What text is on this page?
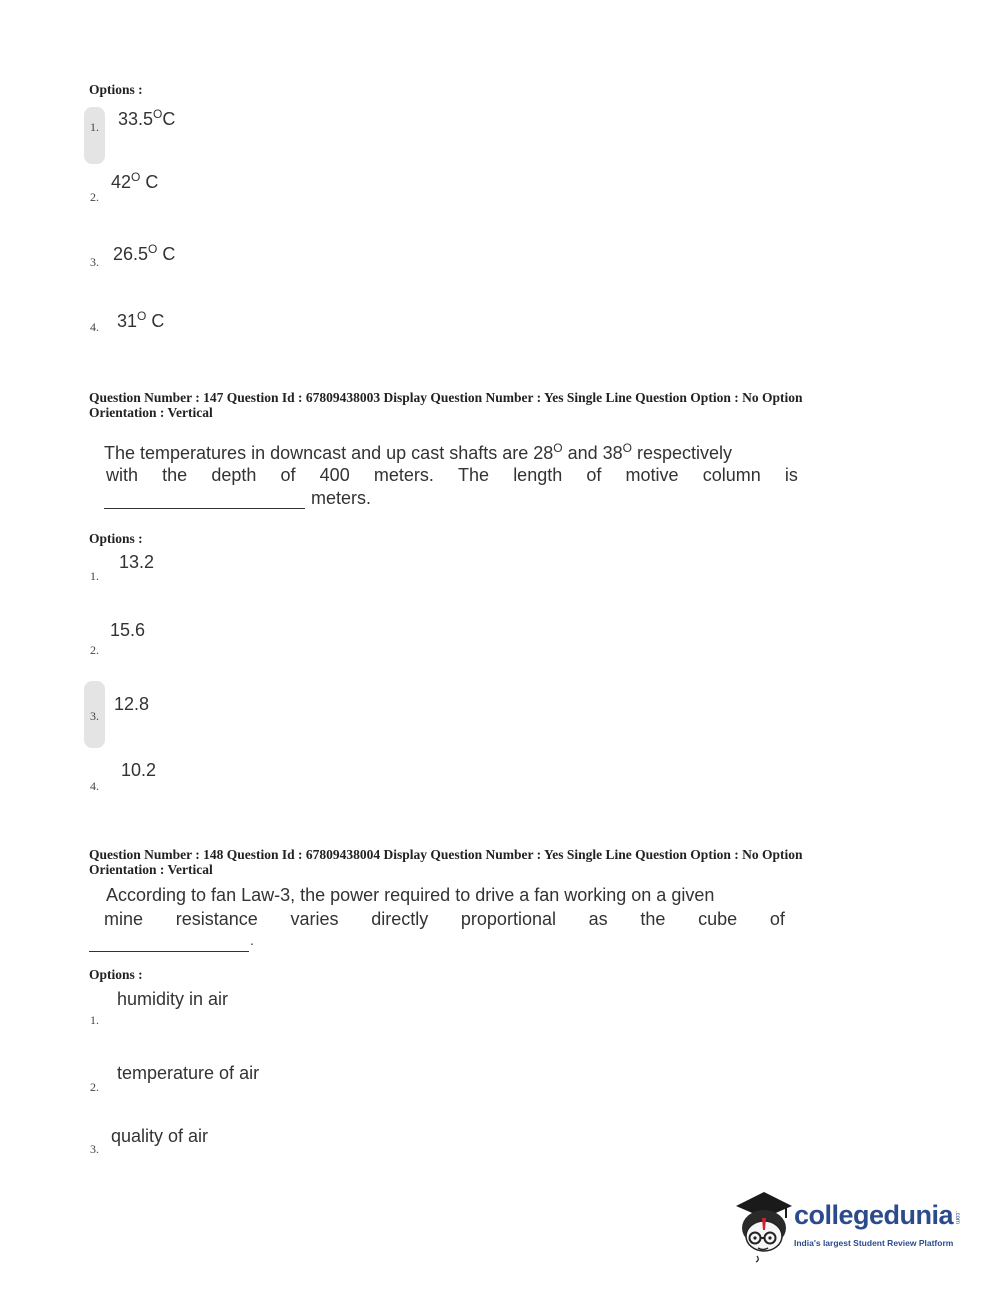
Options :
1. $33.5^OC$
2.
$42^O$ C
3. $26.5^O$ C
4. $31^O$ C
Question Number : 147 Question Id : 67809438003 Display Question Number : Yes Single Line Question Option : No Option
Orientation : Vertical
The temperatures in downcast and up cast shafts are $28^O$ and $38^O$ respectively
with the depth of 400 meters. The length of motive column is
meters.
Options :
1.
13.2
2.
15.6
3.
12.8
4.
10.2
Question Number : 148 Question Id : 67809438004 Display Question Number : Yes Single Line Question Option : No Option
Orientation : Vertical
According to fan Law-3, the power required to drive a fan working on a given
mine resistance varies directly proportional as the cube of
.
Options :
1.
humidity in air
2.
temperature of air
3.
quality of air
collegedunia .com
India's largest Student Review Platform
